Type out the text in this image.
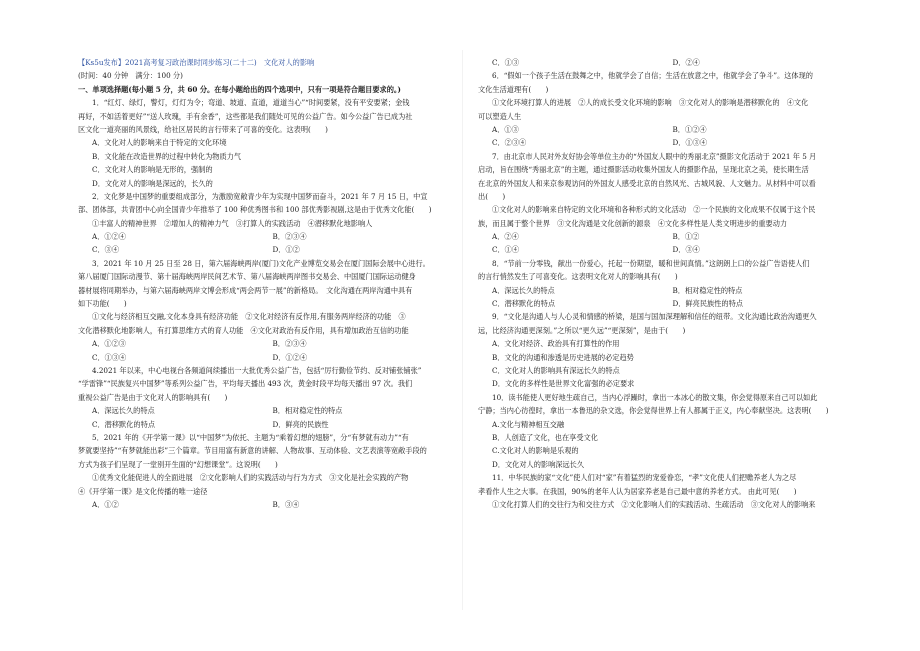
【Ks5u发布】2021高考复习政治课时同步练习(二十二)　文化对人的影响
(时间：40 分钟　满分：100 分)
一、单项选择题(每小题 5 分，共 60 分。在每小题给出的四个选项中，只有一项是符合题目要求的。)
1．“红灯、绿灯，警灯，灯灯为令；弯道、坡道、直道，道道当心”“时间要紧，没有平安要紧；金钱
再好，不如活着更好”“送人玫瑰，手有余香”，这些都是我们随处可见的公益广告。如今公益广告已成为社
区文化一道亮丽的风景线，给社区居民的言行带来了可喜的变化。这表明(　　)
A．文化对人的影响来自于特定的文化环境
B．文化能在改造世界的过程中转化为物质力气
C．文化对人的影响是无形的，强制的
D．文化对人的影响是深远的，长久的
2．文化梦是中国梦的重要组成部分，为激励宽敞青少年为实现中国梦而奋斗，2021 年 7 月 15 日，中宣
部、团体部，共青团中心向全国青少年推举了 100 种优秀图书和 100 部优秀影视剧,这是由于优秀文化能(　　)
①丰富人的精神世界　②增加人的精神力气　③打算人的实践活动　④潜移默化地影响人
A．①②④	B．②③④
C．③④	D．①②
3．2021 年 10 月 25 日至 28 日，第六届海峡两岸(厦门)文化产业博览交易会在厦门国际会展中心进行。
第八届厦门国际动漫节、第十届海峡两岸民间艺术节、第八届海峡两岸图书交易会、中国厦门国际运动健身
器材展将同期举办，与第六届海峡两岸文博会形成“两会两节一展”的新格局。　文化沟通在两岸沟通中具有
如下功能(　　)
①文化与经济相互交融,文化本身具有经济功能　②文化对经济有反作用,有服务两岸经济的功能　③
文化潜移默化地影响人，有打算思维方式的育人功能　④文化对政治有反作用，具有增加政治互信的功能
A．①②③	B．②③④
C．①③④	D．①②④
4.2021 年以来，中心电视台各频道间续播出一大批优秀公益广告，包括“厉行勤俭节约、反对铺张铺张”
“学雷锋”“民族复兴中国梦”等系列公益广告，平均每天播出 493 次，黄金时段平均每天播出 97 次。我们
重视公益广告是由于文化对人的影响具有(　　)
A．深远长久的特点	B．相对稳定性的特点
C．潜移默化的特点	D．鲜亮的民族性
5．2021 年的《开学第一课》以“中国梦”为依托、主题为“乘着幻想的翅膀”，分“有梦就有动力”“有
梦就要坚持”“有梦就能出彩”三个篇章。节目用富有新意的讲解、人物故事、互动体验、文艺表演等宽敞手段的
方式为孩子们呈现了一堂别开生面的“幻想课堂”。这说明(　　)
①优秀文化能促进人的全面进展　②文化影响人们的实践活动与行为方式　③文化是社会实践的产物
④《开学第一课》是文化传播的唯一途径
A．①②	B．③④
C．①③	D．②④
6．“假如一个孩子生活在鼓舞之中，他就学会了自信；生活在放意之中，他就学会了争斗”。这体现的
文化生活道理有(　　)
①文化环境打算人的进展　②人的成长受文化环境的影响　③文化对人的影响是潜移默化的　④文化
可以塑造人生
A．①③	B．①②④
C．②③④	D．①③④
7．由北京市人民对外友好协会等单位主办的“外国友人眼中的秀丽北京”摄影文化活动于 2021 年 5 月
启动，旨在围绕“秀丽北京”的主题，通过摄影活动收集外国友人的摄影作品，呈现北京之美，使长期生活
在北京的外国友人和来京参观访问的外国友人感受北京的自然风光、古城风貌、人文魅力。从材料中可以看
出(　　)
①文化对人的影响来自特定的文化环境和各种形式的文化活动　②一个民族的文化成果不仅属于这个民
族，而且属于整个世界　③文化沟通是文化创新的源泉　④文化多样性是人类文明进步的重要动力
A．②④	B．①②
C．①④	D．③④
8．“节前一分零钱，献出一份爱心，托起一份期望，暖和世间真情。”这朗朗上口的公益广告语使人们
的言行悄然发生了可喜变化。这表明文化对人的影响具有(　　)
A．深远长久的特点	B．相对稳定性的特点
C．潜移默化的特点	D．鲜亮民族性的特点
9．“文化是沟通人与人心灵和情感的桥梁，是国与国加深理解和信任的纽带。文化沟通比政治沟通更久
远，比经济沟通更深刻。”之所以“更久远”“更深刻”，是由于(　　)
A．文化对经济、政治具有打算性的作用
B．文化的沟通和渗透是历史进展的必定趋势
C．文化对人的影响具有深远长久的特点
D．文化的多样性是世界文化富强的必定要求
10．读书能使人更好地生疏自己，当内心浮躁时，拿出一本冰心的散文集，你会觉得原来自己可以如此
宁静；当内心彷徨时，拿出一本鲁迅的杂文选，你会觉得世界上有人都属于正义，内心奉献坚决。这表明(　　)
A.文化与精神相互交融
B．人创造了文化，也在享受文化
C.文化对人的影响是乐观的
D．文化对人的影响深远长久
11．中华民族的家“文化”使人们对“家”有着猛烈的宠爱眷恋，“孝”文化使人们把赡养老人为之尽
孝看作人生之大事。在我国，90%的老年人认为居家养老是自己最中意的养老方式。 由此可见(　　)
①文化打算人们的交往行为和交往方式　②文化影响人们的实践活动、生疏活动　③文化对人的影响来
